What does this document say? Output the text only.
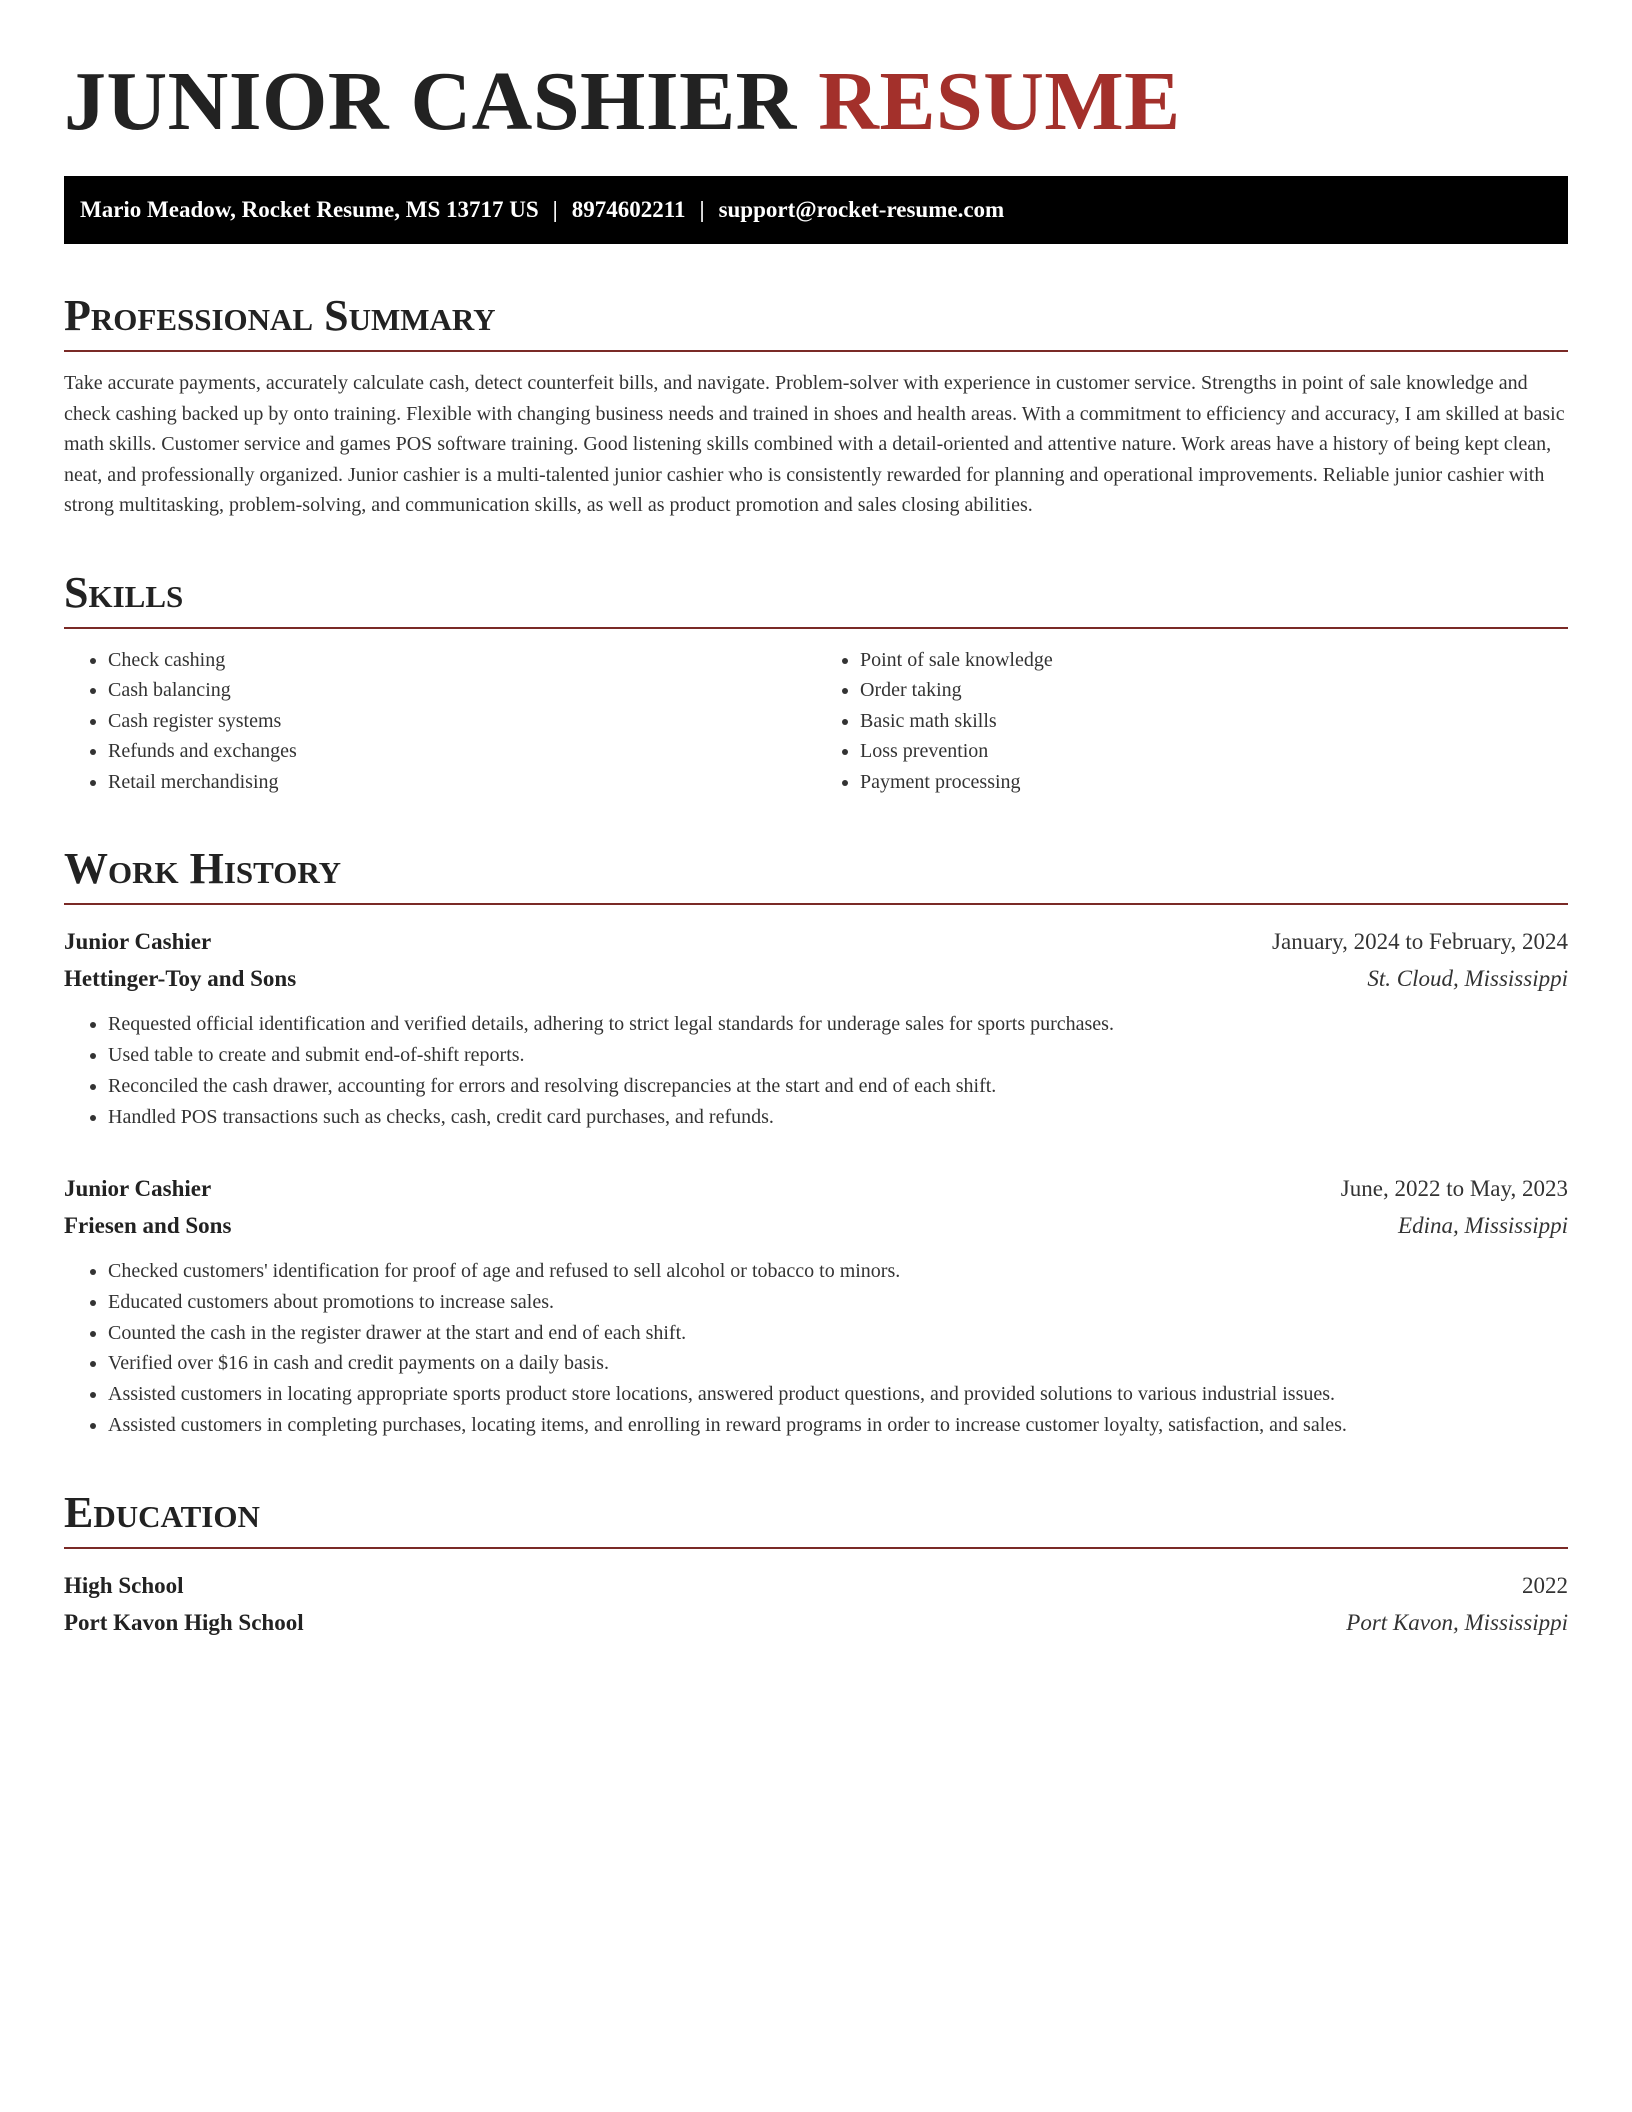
JUNIOR CASHIER RESUME
Mario Meadow, Rocket Resume, MS 13717 US | 8974602211 | support@rocket-resume.com
Professional Summary

Take accurate payments, accurately calculate cash, detect counterfeit bills, and navigate. Problem-solver with experience in customer service. Strengths in point of sale knowledge and check cashing backed up by onto training. Flexible with changing business needs and trained in shoes and health areas. With a commitment to efficiency and accuracy, I am skilled at basic math skills. Customer service and games POS software training. Good listening skills combined with a detail-oriented and attentive nature. Work areas have a history of being kept clean, neat, and professionally organized. Junior cashier is a multi-talented junior cashier who is consistently rewarded for planning and operational improvements. Reliable junior cashier with strong multitasking, problem-solving, and communication skills, as well as product promotion and sales closing abilities.

Skills
• Check cashing
• Cash balancing
• Cash register systems
• Refunds and exchanges
• Retail merchandising
• Point of sale knowledge
• Order taking
• Basic math skills
• Loss prevention
• Payment processing
Work History
Junior Cashier	January, 2024 to February, 2024
Hettinger-Toy and Sons	St. Cloud, Mississippi
• Requested official identification and verified details, adhering to strict legal standards for underage sales for sports purchases.
• Used table to create and submit end-of-shift reports.
• Reconciled the cash drawer, accounting for errors and resolving discrepancies at the start and end of each shift.
• Handled POS transactions such as checks, cash, credit card purchases, and refunds.
Junior Cashier	June, 2022 to May, 2023
Friesen and Sons	Edina, Mississippi
• Checked customers' identification for proof of age and refused to sell alcohol or tobacco to minors.
• Educated customers about promotions to increase sales.
• Counted the cash in the register drawer at the start and end of each shift.
• Verified over $16 in cash and credit payments on a daily basis.
• Assisted customers in locating appropriate sports product store locations, answered product questions, and provided solutions to various industrial issues.
• Assisted customers in completing purchases, locating items, and enrolling in reward programs in order to increase customer loyalty, satisfaction, and sales.
Education
High School	2022
Port Kavon High School	Port Kavon, Mississippi
